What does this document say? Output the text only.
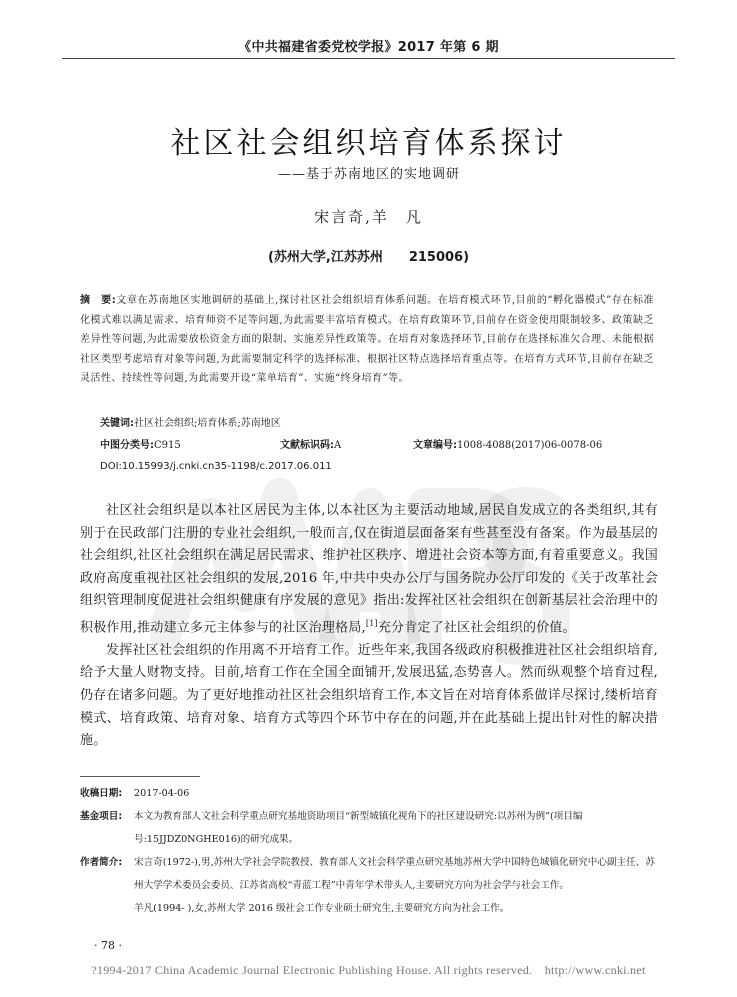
《中共福建省委党校学报》2017 年第 6 期
社区社会组织培育体系探讨
——基于苏南地区的实地调研
宋言奇,羊　凡
(苏州大学,江苏苏州　　215006)
摘　要:文章在苏南地区实地调研的基础上,探讨社区社会组织培育体系问题。在培育模式环节,目前的“孵化器模式”存在标准化模式难以满足需求、培育师资不足等问题,为此需要丰富培育模式。在培育政策环节,目前存在资金使用限制较多、政策缺乏差异性等问题,为此需要放松资金方面的限制、实施差异性政策等。在培育对象选择环节,目前存在选择标准欠合理、未能根据社区类型考虑培育对象等问题,为此需要制定科学的选择标准、根据社区特点选择培育重点等。在培育方式环节,目前存在缺乏灵活性、持续性等问题,为此需要开设“菜单培育”、实施“终身培育”等。
关键词:社区社会组织;培育体系;苏南地区
中图分类号:C915	文献标识码:A	文章编号:1008-4088(2017)06-0078-06
DOI:10.15993/j.cnki.cn35-1198/c.2017.06.011

社区社会组织是以本社区居民为主体,以本社区为主要活动地域,居民自发成立的各类组织,其有别于在民政部门注册的专业社会组织,一般而言,仅在街道层面备案有些甚至没有备案。作为最基层的社会组织,社区社会组织在满足居民需求、维护社区秩序、增进社会资本等方面,有着重要意义。我国政府高度重视社区社会组织的发展,2016 年,中共中央办公厅与国务院办公厅印发的《关于改革社会组织管理制度促进社会组织健康有序发展的意见》指出:发挥社区社会组织在创新基层社会治理中的积极作用,推动建立多元主体参与的社区治理格局,[1]充分肯定了社区社会组织的价值。

发挥社区社会组织的作用离不开培育工作。近些年来,我国各级政府积极推进社区社会组织培育,给予大量人财物支持。目前,培育工作在全国全面铺开,发展迅猛,态势喜人。然而纵观整个培育过程,仍存在诸多问题。为了更好地推动社区社会组织培育工作,本文旨在对培育体系做详尽探讨,缕析培育模式、培育政策、培育对象、培育方式等四个环节中存在的问题,并在此基础上提出针对性的解决措施。

收稿日期: 2017-04-06
基金项目: 本文为教育部人文社会科学重点研究基地资助项目“新型城镇化视角下的社区建设研究:以苏州为例”(项目编号:15JJDZ0NGHE016)的研究成果。
作者简介: 宋言奇(1972-),男,苏州大学社会学院教授、教育部人文社会科学重点研究基地苏州大学中国特色城镇化研究中心副主任、苏州大学学术委员会委员、江苏省高校“青蓝工程”中青年学术带头人,主要研究方向为社会学与社会工作。
羊凡(1994- ),女,苏州大学 2016 级社会工作专业硕士研究生,主要研究方向为社会工作。
· 78 ·
?1994-2017 China Academic Journal Electronic Publishing House. All rights reserved.　http://www.cnki.net
